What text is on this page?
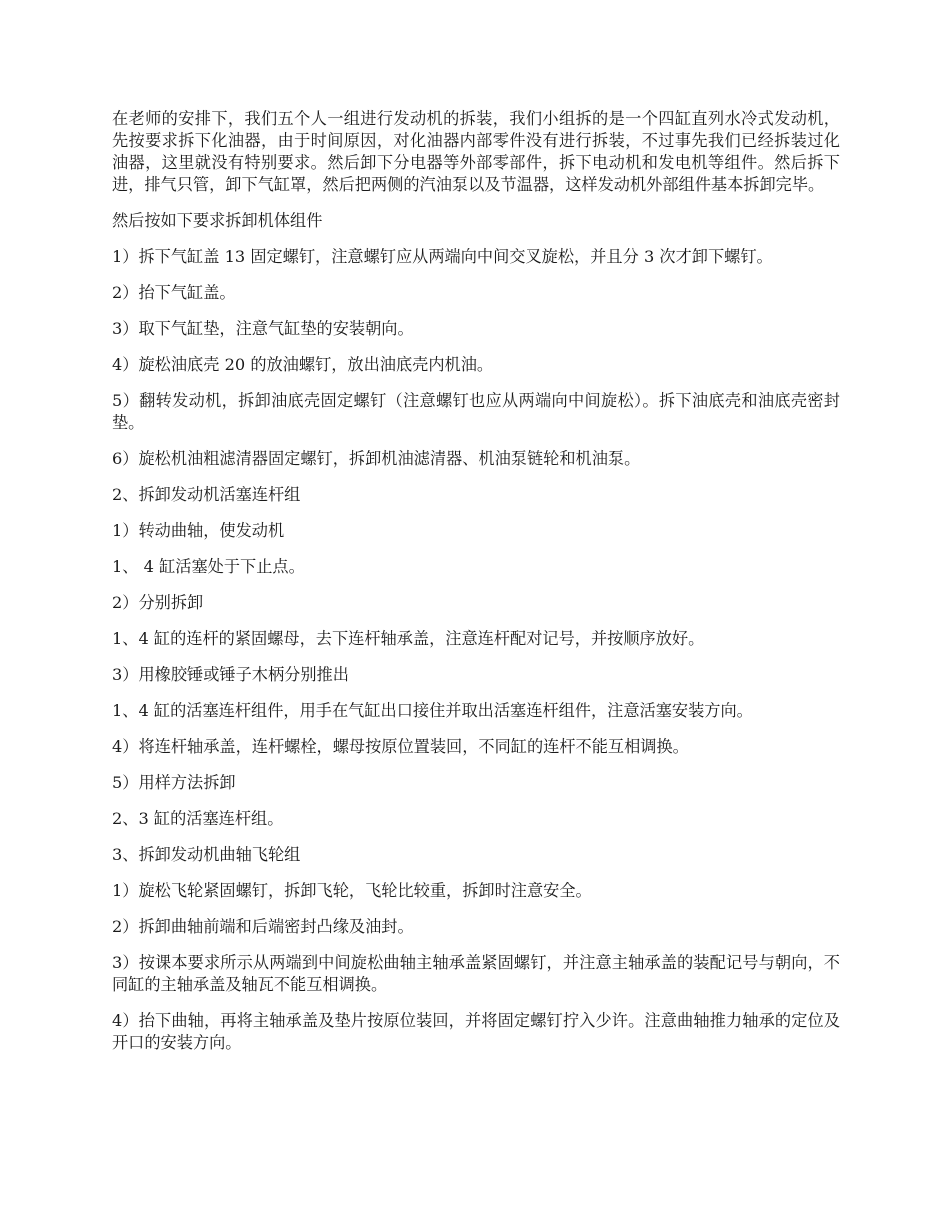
在老师的安排下，我们五个人一组进行发动机的拆装，我们小组拆的是一个四缸直列水冷式发动机，先按要求拆下化油器，由于时间原因，对化油器内部零件没有进行拆装，不过事先我们已经拆装过化油器，这里就没有特别要求。然后卸下分电器等外部零部件，拆下电动机和发电机等组件。然后拆下进，排气只管，卸下气缸罩，然后把两侧的汽油泵以及节温器，这样发动机外部组件基本拆卸完毕。

然后按如下要求拆卸机体组件

1）拆下气缸盖 13 固定螺钉，注意螺钉应从两端向中间交叉旋松，并且分 3 次才卸下螺钉。

2）抬下气缸盖。

3）取下气缸垫，注意气缸垫的安装朝向。

4）旋松油底壳 20 的放油螺钉，放出油底壳内机油。

5）翻转发动机，拆卸油底壳固定螺钉（注意螺钉也应从两端向中间旋松）。拆下油底壳和油底壳密封垫。

6）旋松机油粗滤清器固定螺钉，拆卸机油滤清器、机油泵链轮和机油泵。

2、拆卸发动机活塞连杆组

1）转动曲轴，使发动机

1、 4 缸活塞处于下止点。

2）分别拆卸

1、4 缸的连杆的紧固螺母，去下连杆轴承盖，注意连杆配对记号，并按顺序放好。

3）用橡胶锤或锤子木柄分别推出

1、4 缸的活塞连杆组件，用手在气缸出口接住并取出活塞连杆组件，注意活塞安装方向。

4）将连杆轴承盖，连杆螺栓，螺母按原位置装回，不同缸的连杆不能互相调换。

5）用样方法拆卸

2、3 缸的活塞连杆组。

3、拆卸发动机曲轴飞轮组

1）旋松飞轮紧固螺钉，拆卸飞轮，飞轮比较重，拆卸时注意安全。

2）拆卸曲轴前端和后端密封凸缘及油封。

3）按课本要求所示从两端到中间旋松曲轴主轴承盖紧固螺钉，并注意主轴承盖的装配记号与朝向，不同缸的主轴承盖及轴瓦不能互相调换。

4）抬下曲轴，再将主轴承盖及垫片按原位装回，并将固定螺钉拧入少许。注意曲轴推力轴承的定位及开口的安装方向。
